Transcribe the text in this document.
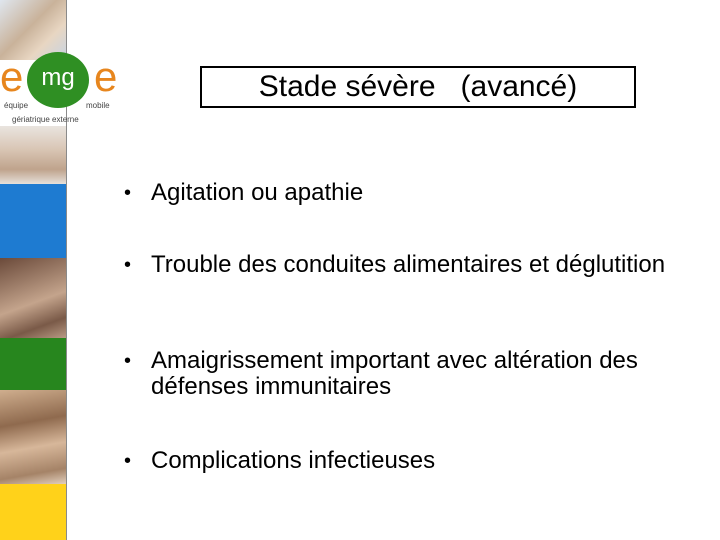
e mg e
équipe	mobile
gériatrique externe
Stade sévère   (avancé)
• Agitation ou apathie
• Trouble des conduites alimentaires et déglutition
• Amaigrissement important avec altération des défenses immunitaires
• Complications infectieuses
